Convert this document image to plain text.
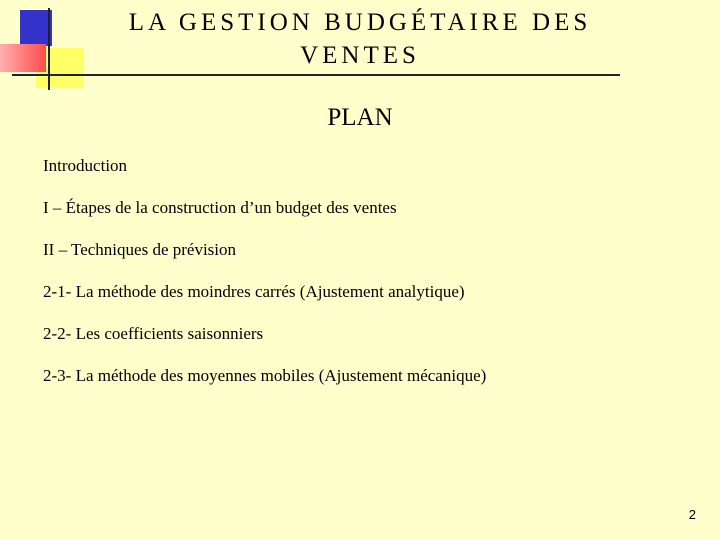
LA GESTION BUDGÉTAIRE DES VENTES
PLAN
Introduction
I – Étapes de la construction d’un budget des ventes
II – Techniques de prévision
2-1- La méthode des moindres carrés (Ajustement analytique)
2-2- Les coefficients saisonniers
2-3- La méthode des moyennes mobiles (Ajustement mécanique)
2
